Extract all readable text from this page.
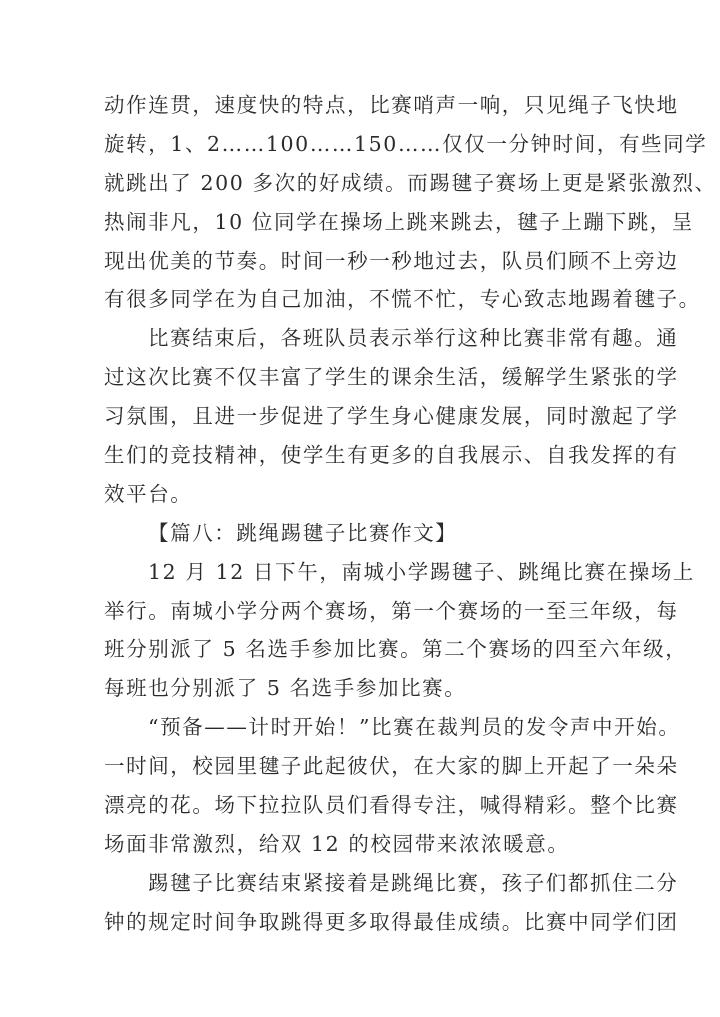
动作连贯，速度快的特点，比赛哨声一响，只见绳子飞快地
旋转，1、2……100……150……仅仅一分钟时间，有些同学
就跳出了 200 多次的好成绩。而踢毽子赛场上更是紧张激烈、
热闹非凡，10 位同学在操场上跳来跳去，毽子上蹦下跳，呈
现出优美的节奏。时间一秒一秒地过去，队员们顾不上旁边
有很多同学在为自己加油，不慌不忙，专心致志地踢着毽子。
比赛结束后，各班队员表示举行这种比赛非常有趣。通
过这次比赛不仅丰富了学生的课余生活，缓解学生紧张的学
习氛围，且进一步促进了学生身心健康发展，同时激起了学
生们的竞技精神，使学生有更多的自我展示、自我发挥的有
效平台。
【篇八：跳绳踢毽子比赛作文】
12 月 12 日下午，南城小学踢毽子、跳绳比赛在操场上
举行。南城小学分两个赛场，第一个赛场的一至三年级，每
班分别派了 5 名选手参加比赛。第二个赛场的四至六年级，
每班也分别派了 5 名选手参加比赛。
“预备——计时开始！”比赛在裁判员的发令声中开始。
一时间，校园里毽子此起彼伏，在大家的脚上开起了一朵朵
漂亮的花。场下拉拉队员们看得专注，喊得精彩。整个比赛
场面非常激烈，给双 12 的校园带来浓浓暖意。
踢毽子比赛结束紧接着是跳绳比赛，孩子们都抓住二分
钟的规定时间争取跳得更多取得最佳成绩。比赛中同学们团
